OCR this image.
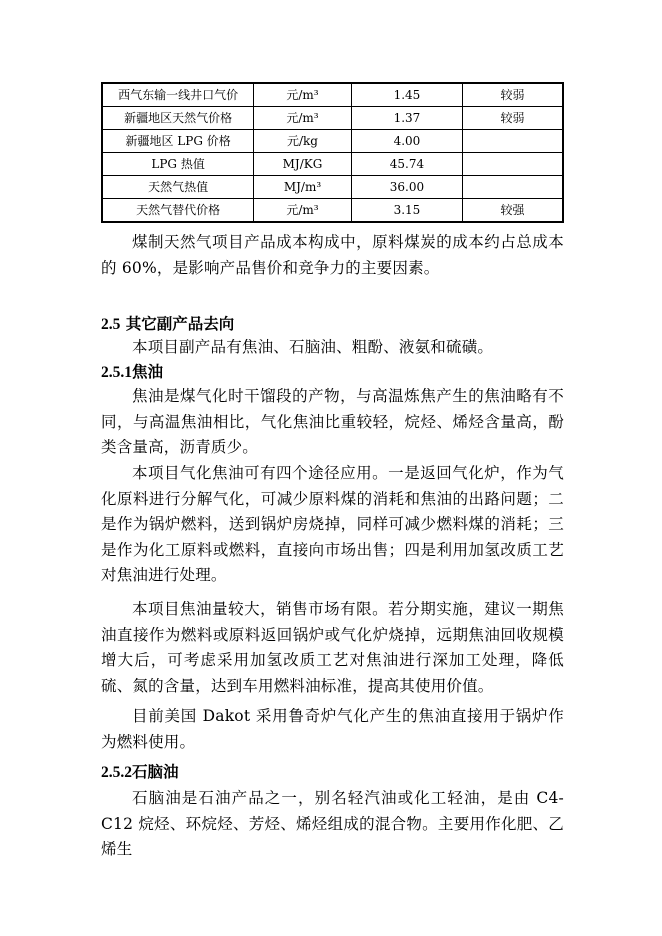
西气东输一线井口气价	元/m³	1.45	较弱
新疆地区天然气价格	元/m³	1.37	较弱
新疆地区 LPG 价格	元/kg	4.00	
LPG 热值	MJ/KG	45.74	
天然气热值	MJ/m³	36.00	
天然气替代价格	元/m³	3.15	较强

煤制天然气项目产品成本构成中，原料煤炭的成本约占总成本的 60%，是影响产品售价和竞争力的主要因素。

2.5 其它副产品去向

本项目副产品有焦油、石脑油、粗酚、液氨和硫磺。

2.5.1焦油

焦油是煤气化时干馏段的产物，与高温炼焦产生的焦油略有不同，与高温焦油相比，气化焦油比重较轻，烷烃、烯烃含量高，酚类含量高，沥青质少。

本项目气化焦油可有四个途径应用。一是返回气化炉，作为气化原料进行分解气化，可减少原料煤的消耗和焦油的出路问题；二是作为锅炉燃料，送到锅炉房烧掉，同样可减少燃料煤的消耗；三是作为化工原料或燃料，直接向市场出售；四是利用加氢改质工艺对焦油进行处理。

本项目焦油量较大，销售市场有限。若分期实施，建议一期焦油直接作为燃料或原料返回锅炉或气化炉烧掉，远期焦油回收规模增大后，可考虑采用加氢改质工艺对焦油进行深加工处理，降低硫、氮的含量，达到车用燃料油标准，提高其使用价值。

目前美国 Dakot 采用鲁奇炉气化产生的焦油直接用于锅炉作为燃料使用。

2.5.2石脑油

石脑油是石油产品之一，别名轻汽油或化工轻油，是由 C4-C12 烷烃、环烷烃、芳烃、烯烃组成的混合物。主要用作化肥、乙烯生
